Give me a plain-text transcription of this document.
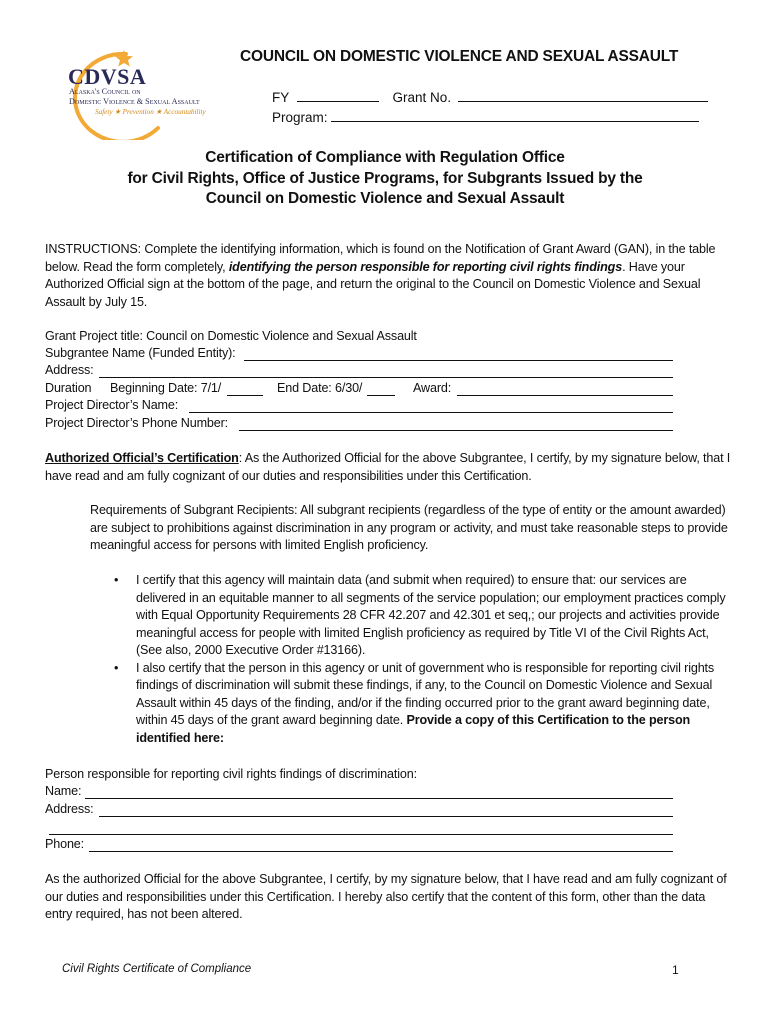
CDVSA
Alaska's Council on
Domestic Violence & Sexual Assault
Safety ★ Prevention ★ Accountability
COUNCIL ON DOMESTIC VIOLENCE AND SEXUAL ASSAULT
FY	Grant No.
Program:
Certification of Compliance with Regulation Office
for Civil Rights, Office of Justice Programs, for Subgrants Issued by the
Council on Domestic Violence and Sexual Assault
INSTRUCTIONS: Complete the identifying information, which is found on the Notification of Grant Award (GAN), in the table below. Read the form completely, identifying the person responsible for reporting civil rights findings. Have your Authorized Official sign at the bottom of the page, and return the original to the Council on Domestic Violence and Sexual Assault by July 15.
Grant Project title: Council on Domestic Violence and Sexual Assault
Subgrantee Name (Funded Entity):
Address:
Duration Beginning Date: 7/1/	End Date: 6/30/	Award:
Project Director’s Name:
Project Director’s Phone Number:
Authorized Official’s Certification: As the Authorized Official for the above Subgrantee, I certify, by my signature below, that I have read and am fully cognizant of our duties and responsibilities under this Certification.
Requirements of Subgrant Recipients: All subgrant recipients (regardless of the type of entity or the amount awarded) are subject to prohibitions against discrimination in any program or activity, and must take reasonable steps to provide meaningful access for persons with limited English proficiency.
• I certify that this agency will maintain data (and submit when required) to ensure that: our services are delivered in an equitable manner to all segments of the service population; our employment practices comply with Equal Opportunity Requirements 28 CFR 42.207 and 42.301 et seq,; our projects and activities provide meaningful access for people with limited English proficiency as required by Title VI of the Civil Rights Act, (See also, 2000 Executive Order #13166).
• I also certify that the person in this agency or unit of government who is responsible for reporting civil rights findings of discrimination will submit these findings, if any, to the Council on Domestic Violence and Sexual Assault within 45 days of the finding, and/or if the finding occurred prior to the grant award beginning date, within 45 days of the grant award beginning date. Provide a copy of this Certification to the person identified here:
Person responsible for reporting civil rights findings of discrimination:
Name:
Address:
Phone:
As the authorized Official for the above Subgrantee, I certify, by my signature below, that I have read and am fully cognizant of our duties and responsibilities under this Certification. I hereby also certify that the content of this form, other than the data entry required, has not been altered.
Civil Rights Certificate of Compliance	1
